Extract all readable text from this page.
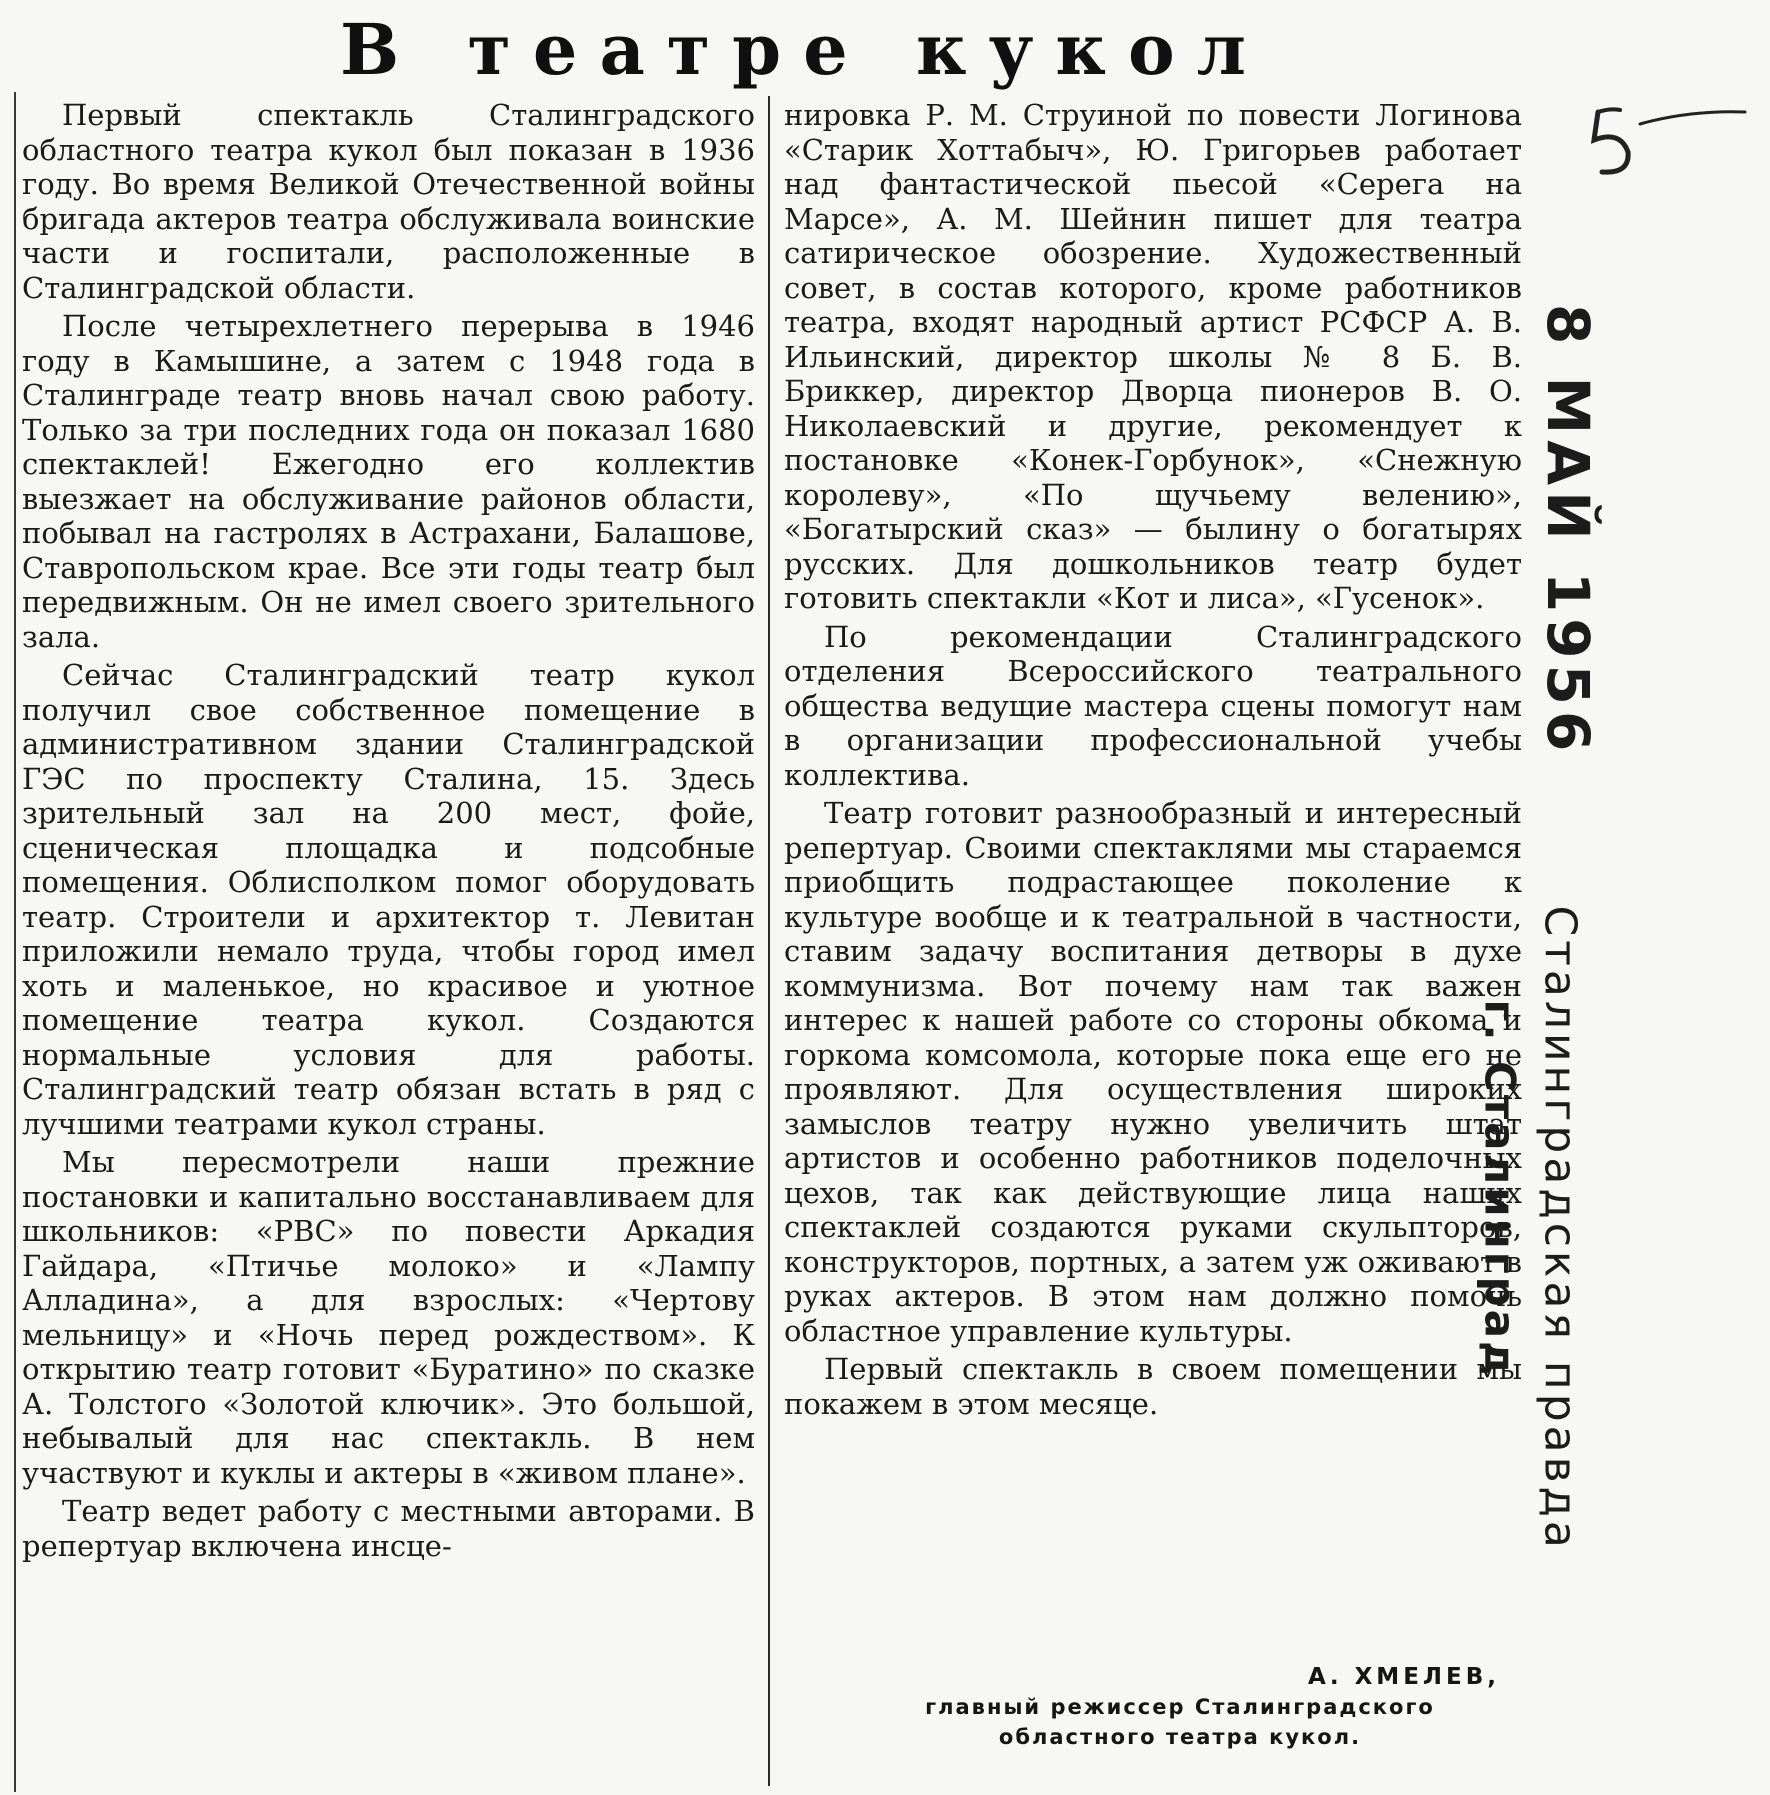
В театре кукол

Первый спектакль Сталинградского областного театра кукол был показан в 1936 году. Во время Великой Отечественной войны бригада актеров театра обслуживала воинские части и госпитали, расположенные в Сталинградской области.

После четырехлетнего перерыва в 1946 году в Камышине, а затем с 1948 года в Сталинграде театр вновь начал свою работу. Только за три последних года он показал 1680 спектаклей! Ежегодно его коллектив выезжает на обслуживание районов области, побывал на гастролях в Астрахани, Балашове, Ставропольском крае. Все эти годы театр был передвижным. Он не имел своего зрительного зала.

Сейчас Сталинградский театр кукол получил свое собственное помещение в административном здании Сталинградской ГЭС по проспекту Сталина, 15. Здесь зрительный зал на 200 мест, фойе, сценическая площадка и подсобные помещения. Облисполком помог оборудовать театр. Строители и архитектор т. Левитан приложили немало труда, чтобы город имел хоть и маленькое, но красивое и уютное помещение театра кукол. Создаются нормальные условия для работы. Сталинградский театр обязан встать в ряд с лучшими театрами кукол страны.

Мы пересмотрели наши прежние постановки и капитально восстанавливаем для школьников: «РВС» по повести Аркадия Гайдара, «Птичье молоко» и «Лампу Алладина», а для взрослых: «Чертову мельницу» и «Ночь перед рождеством». К открытию театр готовит «Буратино» по сказке А. Толстого «Золотой ключик». Это большой, небывалый для нас спектакль. В нем участвуют и куклы и актеры в «живом плане».

Театр ведет работу с местными авторами. В репертуар включена инсце-

нировка Р. М. Струиной по повести Логинова «Старик Хоттабыч», Ю. Григорьев работает над фантастической пьесой «Серега на Марсе», А. М. Шейнин пишет для театра сатирическое обозрение. Художественный совет, в состав которого, кроме работников театра, входят народный артист РСФСР А. В. Ильинский, директор школы № 8 Б. В. Бриккер, директор Дворца пионеров В. О. Николаевский и другие, рекомендует к постановке «Конек-Горбунок», «Снежную королеву», «По щучьему велению», «Богатырский сказ» — былину о богатырях русских. Для дошкольников театр будет готовить спектакли «Кот и лиса», «Гусенок».

По рекомендации Сталинградского отделения Всероссийского театрального общества ведущие мастера сцены помогут нам в организации профессиональной учебы коллектива.

Театр готовит разнообразный и интересный репертуар. Своими спектаклями мы стараемся приобщить подрастающее поколение к культуре вообще и к театральной в частности, ставим задачу воспитания детворы в духе коммунизма. Вот почему нам так важен интерес к нашей работе со стороны обкома и горкома комсомола, которые пока еще его не проявляют. Для осуществления широких замыслов театру нужно увеличить штат артистов и особенно работников поделочных цехов, так как действующие лица наших спектаклей создаются руками скульпторов, конструкторов, портных, а затем уж оживают в руках актеров. В этом нам должно помочь областное управление культуры.

Первый спектакль в своем помещении мы покажем в этом месяце.

А. ХМЕЛЕВ,

главный режиссер Сталинградского областного театра кукол.
8 МАЙ 1956
Сталинградская правда
г. Сталинград
